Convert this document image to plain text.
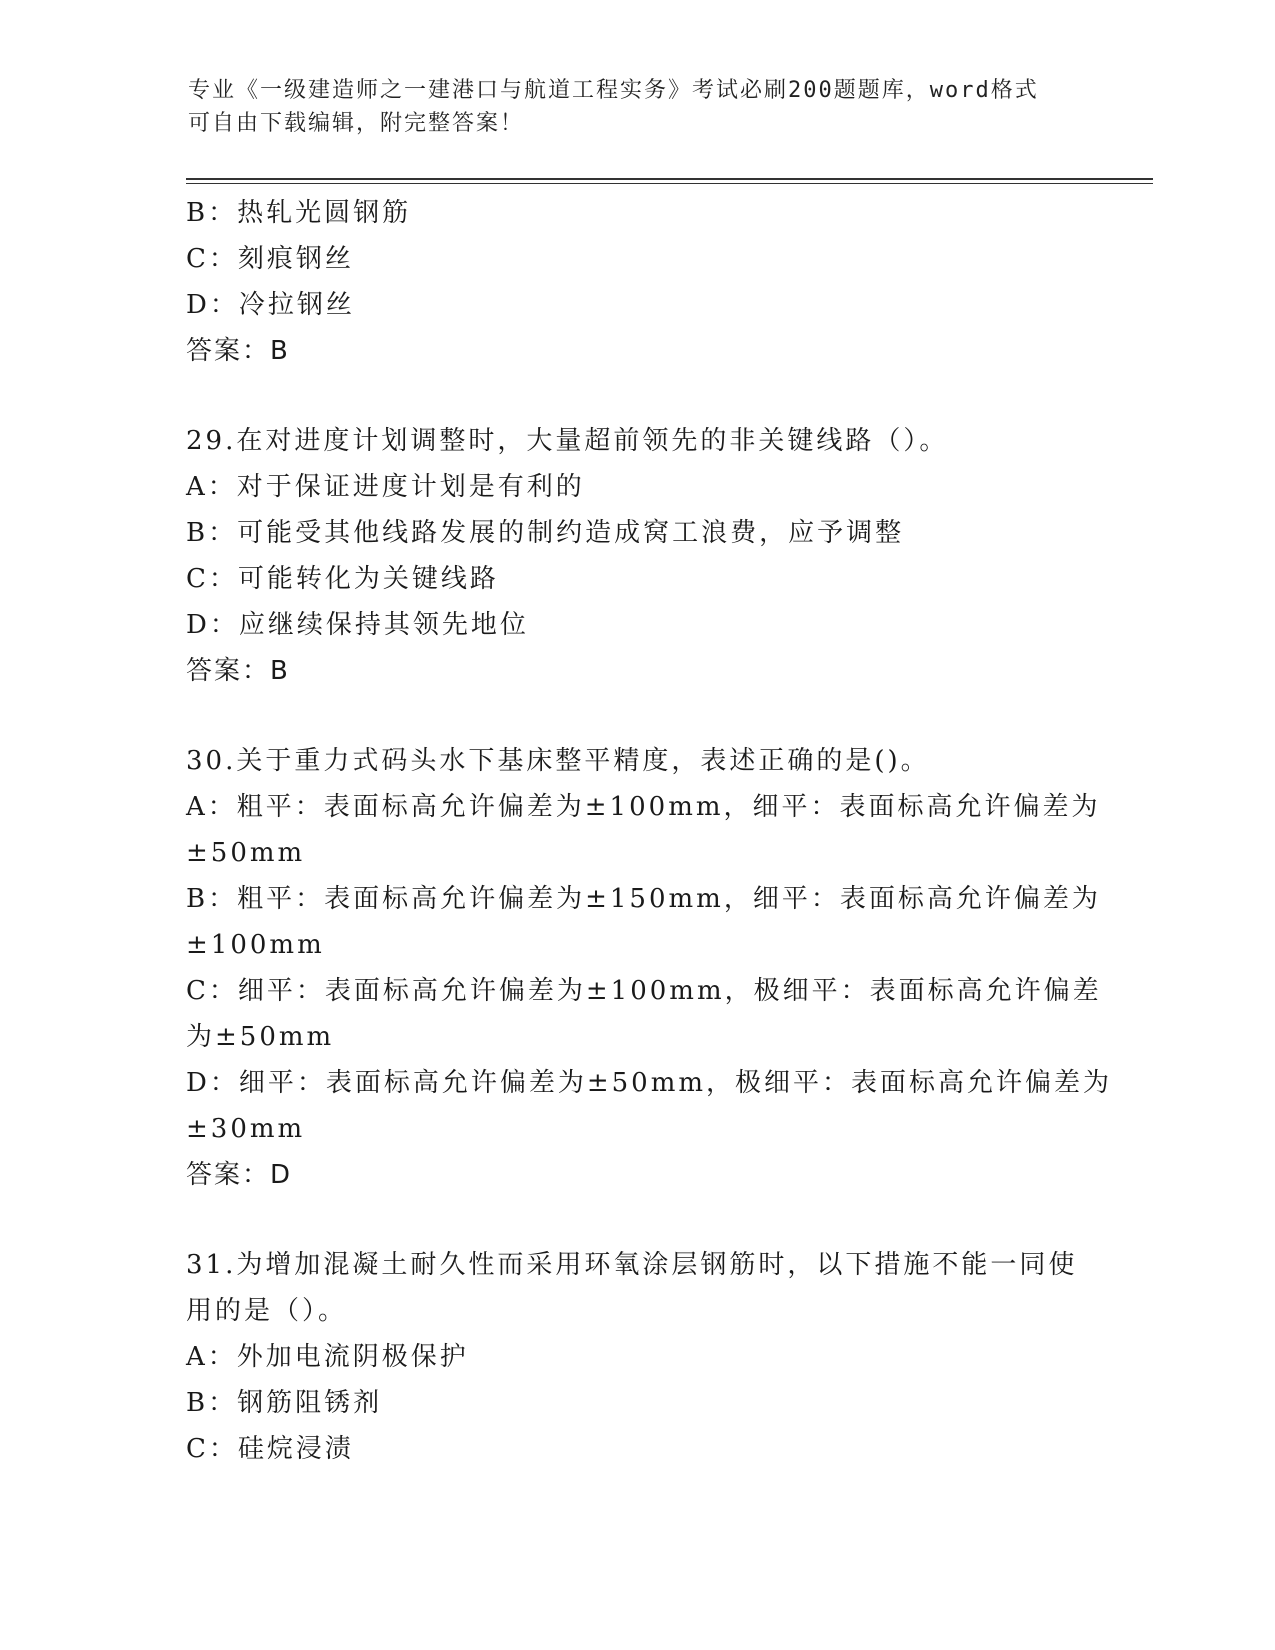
专业《一级建造师之一建港口与航道工程实务》考试必刷200题题库，word格式
可自由下载编辑，附完整答案！
B：热轧光圆钢筋
C：刻痕钢丝
D：冷拉钢丝
答案：B
29.在对进度计划调整时，大量超前领先的非关键线路（）。
A：对于保证进度计划是有利的
B：可能受其他线路发展的制约造成窝工浪费，应予调整
C：可能转化为关键线路
D：应继续保持其领先地位
答案：B
30.关于重力式码头水下基床整平精度，表述正确的是()。
A：粗平：表面标高允许偏差为±100mm，细平：表面标高允许偏差为
±50mm
B：粗平：表面标高允许偏差为±150mm，细平：表面标高允许偏差为
±100mm
C：细平：表面标高允许偏差为±100mm，极细平：表面标高允许偏差
为±50mm
D：细平：表面标高允许偏差为±50mm，极细平：表面标高允许偏差为
±30mm
答案：D
31.为增加混凝土耐久性而采用环氧涂层钢筋时，以下措施不能一同使
用的是（）。
A：外加电流阴极保护
B：钢筋阻锈剂
C：硅烷浸渍
